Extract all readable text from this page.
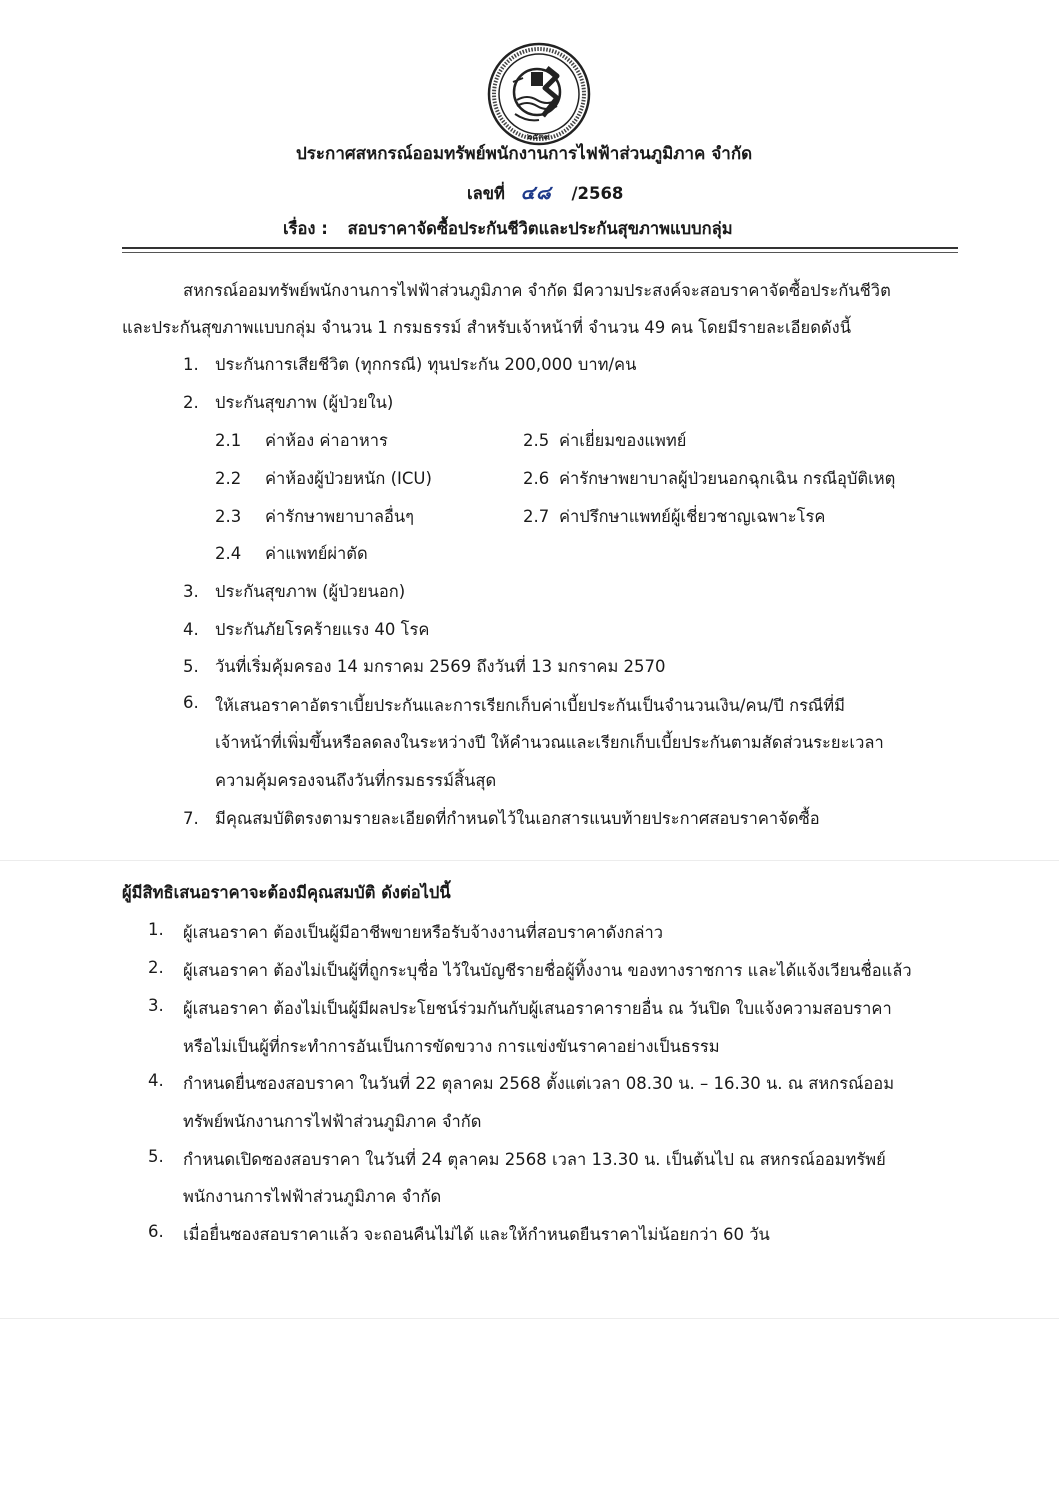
๒๕๓๙
ประกาศสหกรณ์ออมทรัพย์พนักงานการไฟฟ้าส่วนภูมิภาค จำกัด
เลขที่ ๔๘ /2568
เรื่อง : สอบราคาจัดซื้อประกันชีวิตและประกันสุขภาพแบบกลุ่ม
สหกรณ์ออมทรัพย์พนักงานการไฟฟ้าส่วนภูมิภาค จำกัด มีความประสงค์จะสอบราคาจัดซื้อประกันชีวิต
และประกันสุขภาพแบบกลุ่ม จำนวน 1 กรมธรรม์ สำหรับเจ้าหน้าที่ จำนวน 49 คน โดยมีรายละเอียดดังนี้
1. ประกันการเสียชีวิต (ทุกกรณี) ทุนประกัน 200,000 บาท/คน
2. ประกันสุขภาพ (ผู้ป่วยใน)
2.1 ค่าห้อง ค่าอาหาร
2.2 ค่าห้องผู้ป่วยหนัก (ICU)
2.3 ค่ารักษาพยาบาลอื่นๆ
2.4 ค่าแพทย์ผ่าตัด
2.5 ค่าเยี่ยมของแพทย์
2.6 ค่ารักษาพยาบาลผู้ป่วยนอกฉุกเฉิน กรณีอุบัติเหตุ
2.7 ค่าปรึกษาแพทย์ผู้เชี่ยวชาญเฉพาะโรค
3. ประกันสุขภาพ (ผู้ป่วยนอก)
4. ประกันภัยโรคร้ายแรง 40 โรค
5. วันที่เริ่มคุ้มครอง 14 มกราคม 2569 ถึงวันที่ 13 มกราคม 2570
6. ให้เสนอราคาอัตราเบี้ยประกันและการเรียกเก็บค่าเบี้ยประกันเป็นจำนวนเงิน/คน/ปี กรณีที่มี
เจ้าหน้าที่เพิ่มขึ้นหรือลดลงในระหว่างปี ให้คำนวณและเรียกเก็บเบี้ยประกันตามสัดส่วนระยะเวลา
ความคุ้มครองจนถึงวันที่กรมธรรม์สิ้นสุด
7. มีคุณสมบัติตรงตามรายละเอียดที่กำหนดไว้ในเอกสารแนบท้ายประกาศสอบราคาจัดซื้อ
ผู้มีสิทธิเสนอราคาจะต้องมีคุณสมบัติ ดังต่อไปนี้
1. ผู้เสนอราคา ต้องเป็นผู้มีอาชีพขายหรือรับจ้างงานที่สอบราคาดังกล่าว
2. ผู้เสนอราคา ต้องไม่เป็นผู้ที่ถูกระบุชื่อ ไว้ในบัญชีรายชื่อผู้ทิ้งงาน ของทางราชการ และได้แจ้งเวียนชื่อแล้ว
3. ผู้เสนอราคา ต้องไม่เป็นผู้มีผลประโยชน์ร่วมกันกับผู้เสนอราคารายอื่น ณ วันปิด ใบแจ้งความสอบราคา
หรือไม่เป็นผู้ที่กระทำการอันเป็นการขัดขวาง การแข่งขันราคาอย่างเป็นธรรม
4. กำหนดยื่นซองสอบราคา ในวันที่ 22 ตุลาคม 2568 ตั้งแต่เวลา 08.30 น. – 16.30 น. ณ สหกรณ์ออม
ทรัพย์พนักงานการไฟฟ้าส่วนภูมิภาค จำกัด
5. กำหนดเปิดซองสอบราคา ในวันที่ 24 ตุลาคม 2568 เวลา 13.30 น. เป็นต้นไป ณ สหกรณ์ออมทรัพย์
พนักงานการไฟฟ้าส่วนภูมิภาค จำกัด
6. เมื่อยื่นซองสอบราคาแล้ว จะถอนคืนไม่ได้ และให้กำหนดยืนราคาไม่น้อยกว่า 60 วัน
